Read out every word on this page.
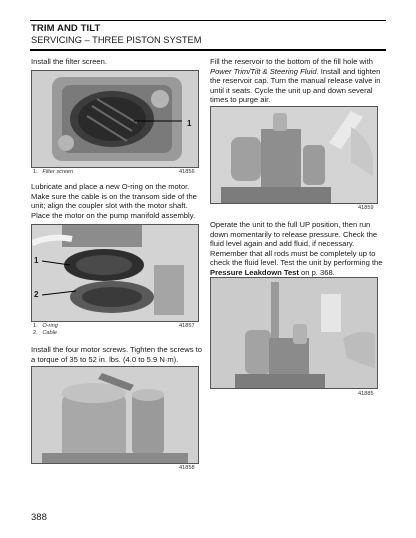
TRIM AND TILT
SERVICING – THREE PISTON SYSTEM
Install the filter screen.
1
1. Filter screen	41856
Lubricate and place a new O-ring on the motor. Make sure the cable is on the transom side of the unit; align the coupler slot with the motor shaft. Place the motor on the pump manifold assembly.
1
2
1. O-ring
2. Cable
41857
Install the four motor screws. Tighten the screws to a torque of 35 to 52 in. lbs. (4.0 to 5.9 N·m).
41858
Fill the reservoir to the bottom of the fill hole with Power Trim/Tilt & Steering Fluid. Install and tighten the reservoir cap. Turn the manual release valve in until it seats. Cycle the unit up and down several times to purge air.
41859
Operate the unit to the full UP position, then run down momentarily to release pressure. Check the fluid level again and add fluid, if necessary. Remember that all rods must be completely up to check the fluid level. Test the unit by performing the Pressure Leakdown Test on p. 368.
41885
388
